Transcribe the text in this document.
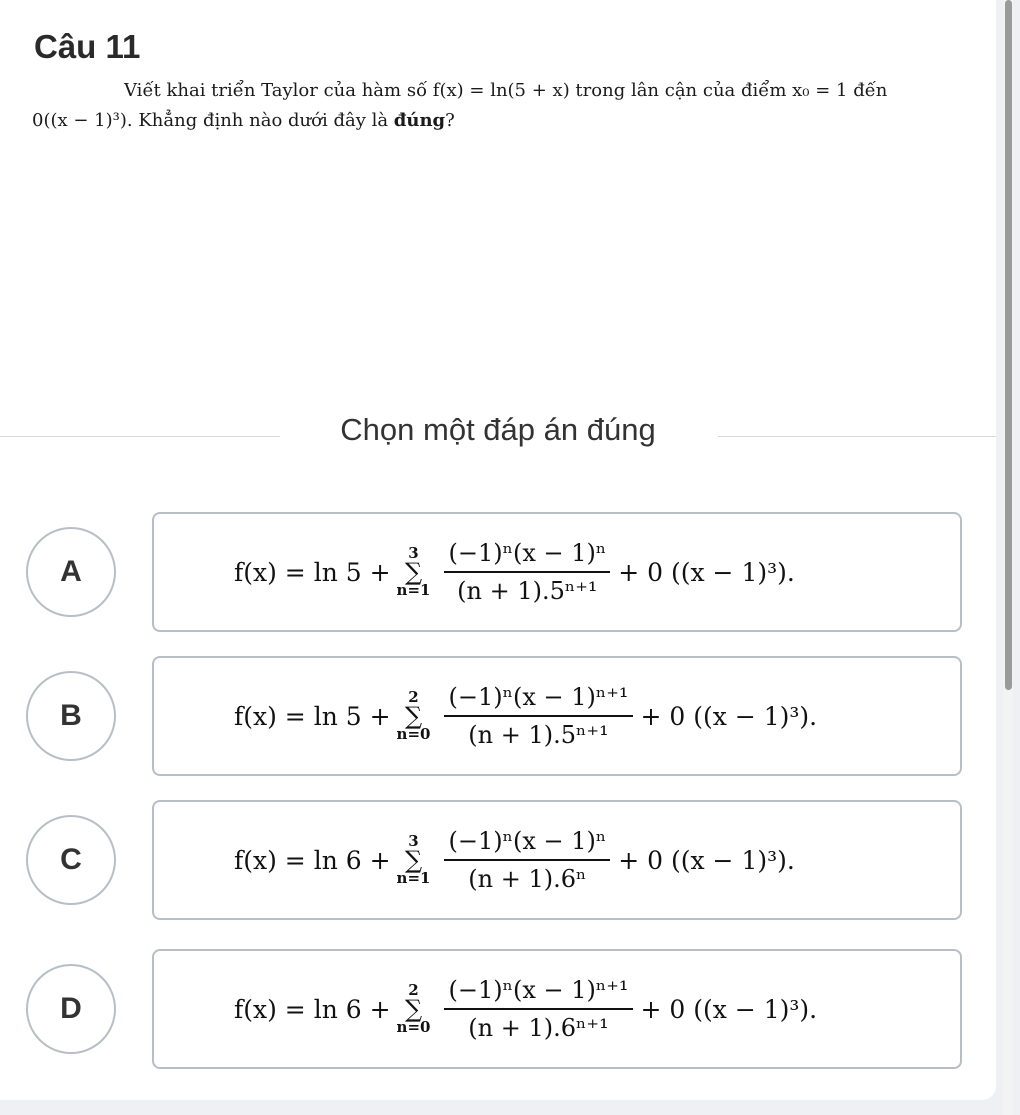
Câu 11
Viết khai triển Taylor của hàm số f(x) = ln(5 + x) trong lân cận của điểm x₀ = 1 đến
0((x − 1)³). Khẳng định nào dưới đây là đúng?
Chọn một đáp án đúng
A	f(x) = ln 5 +
3
∑
$n=1 \frac{\text{(−1)ⁿ(x − 1)ⁿ}}{\text{(n + 1).5ⁿ⁺¹}} + 0$ ((x − 1)³).
B	f(x) = ln 5 +
2
∑
$n=0 \frac{\text{(−1)ⁿ(x − 1)ⁿ⁺¹}}{\text{(n + 1).5ⁿ⁺¹}} + 0$ ((x − 1)³).
C	f(x) = ln 6 +
3
∑
$n=1 \frac{\text{(−1)ⁿ(x − 1)ⁿ}}{\text{(n + 1).6ⁿ}} + 0$ ((x − 1)³).
D	f(x) = ln 6 +
2
∑
$n=0 \frac{\text{(−1)ⁿ(x − 1)ⁿ⁺¹}}{\text{(n + 1).6ⁿ⁺¹}} + 0$ ((x − 1)³).
